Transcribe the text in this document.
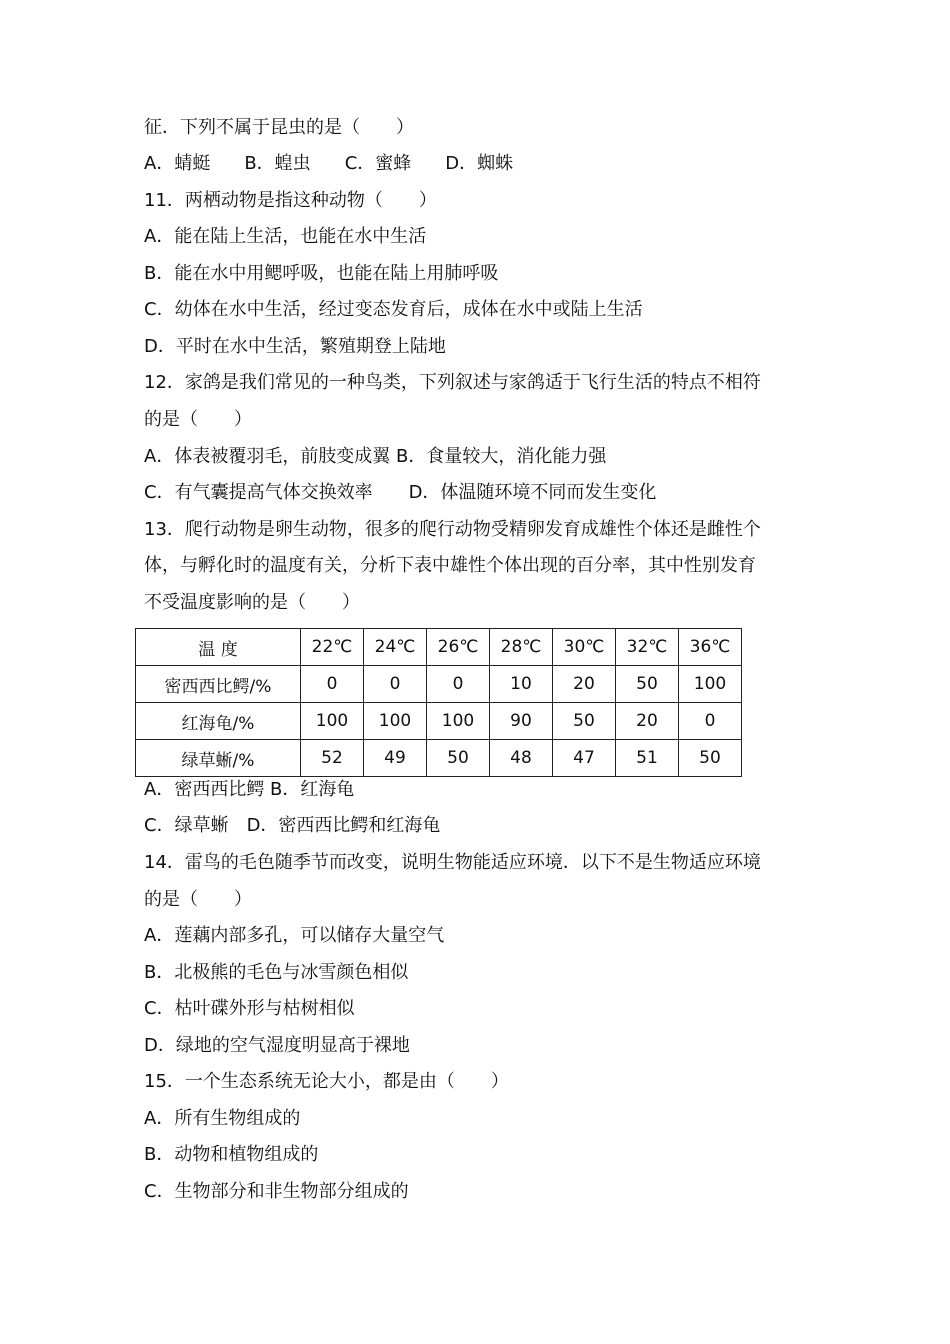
征．下列不属于昆虫的是（　　）

A．蜻蜓 B．蝗虫 C．蜜蜂 D．蜘蛛

11．两栖动物是指这种动物（　　）

A．能在陆上生活，也能在水中生活

B．能在水中用鳃呼吸，也能在陆上用肺呼吸

C．幼体在水中生活，经过变态发育后，成体在水中或陆上生活

D．平时在水中生活，繁殖期登上陆地

12．家鸽是我们常见的一种鸟类，下列叙述与家鸽适于飞行生活的特点不相符

的是（　　）

A．体表被覆羽毛，前肢变成翼 B．食量较大，消化能力强

C．有气囊提高气体交换效率　　D．体温随环境不同而发生变化

13．爬行动物是卵生动物，很多的爬行动物受精卵发育成雄性个体还是雌性个

体，与孵化时的温度有关，分析下表中雄性个体出现的百分率，其中性别发育

不受温度影响的是（　　）

温 度	22℃	24℃	26℃	28℃	30℃	32℃	36℃
密西西比鳄/%	0	0	0	10	20	50	100
红海龟/%	100	100	100	90	50	20	0
绿草蜥/%	52	49	50	48	47	51	50

A．密西西比鳄 B．红海龟

C．绿草蜥　D．密西西比鳄和红海龟

14．雷鸟的毛色随季节而改变，说明生物能适应环境．以下不是生物适应环境

的是（　　）

A．莲藕内部多孔，可以储存大量空气

B．北极熊的毛色与冰雪颜色相似

C．枯叶碟外形与枯树相似

D．绿地的空气湿度明显高于裸地

15．一个生态系统无论大小，都是由（　　）

A．所有生物组成的

B．动物和植物组成的

C．生物部分和非生物部分组成的
